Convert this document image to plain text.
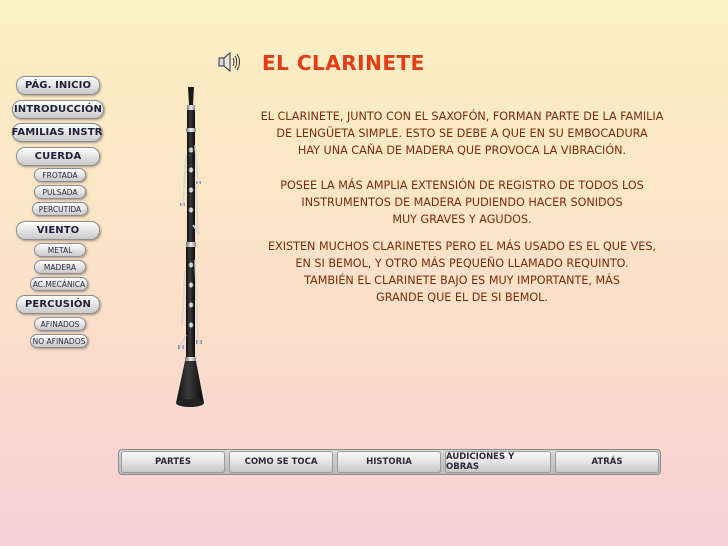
EL CLARINETE
PÁG. INICIO
INTRODUCCIÓN
FAMILIAS INSTR
CUERDA
FROTADA
PULSADA
PERCUTIDA
VIENTO
METAL
MADERA
AC.MECÁNICA
PERCUSIÓN
AFINADOS
NO AFINADOS
EL CLARINETE, JUNTO CON EL SAXOFÓN, FORMAN PARTE DE LA FAMILIA
DE LENGÜETA SIMPLE. ESTO SE DEBE A QUE EN SU EMBOCADURA
HAY UNA CAÑA DE MADERA QUE PROVOCA LA VIBRACIÓN.
POSEE LA MÁS AMPLIA EXTENSIÓN DE REGISTRO DE TODOS LOS
INSTRUMENTOS DE MADERA PUDIENDO HACER SONIDOS
MUY GRAVES Y AGUDOS.
EXISTEN MUCHOS CLARINETES PERO EL MÁS USADO ES EL QUE VES,
EN SI BEMOL, Y OTRO MÁS PEQUEÑO LLAMADO REQUINTO.
TAMBIÉN EL CLARINETE BAJO ES MUY IMPORTANTE, MÁS
GRANDE QUE EL DE SI BEMOL.
PARTES	COMO SE TOCA	HISTORIA	AUDICIONES Y OBRAS	ATRÁS
